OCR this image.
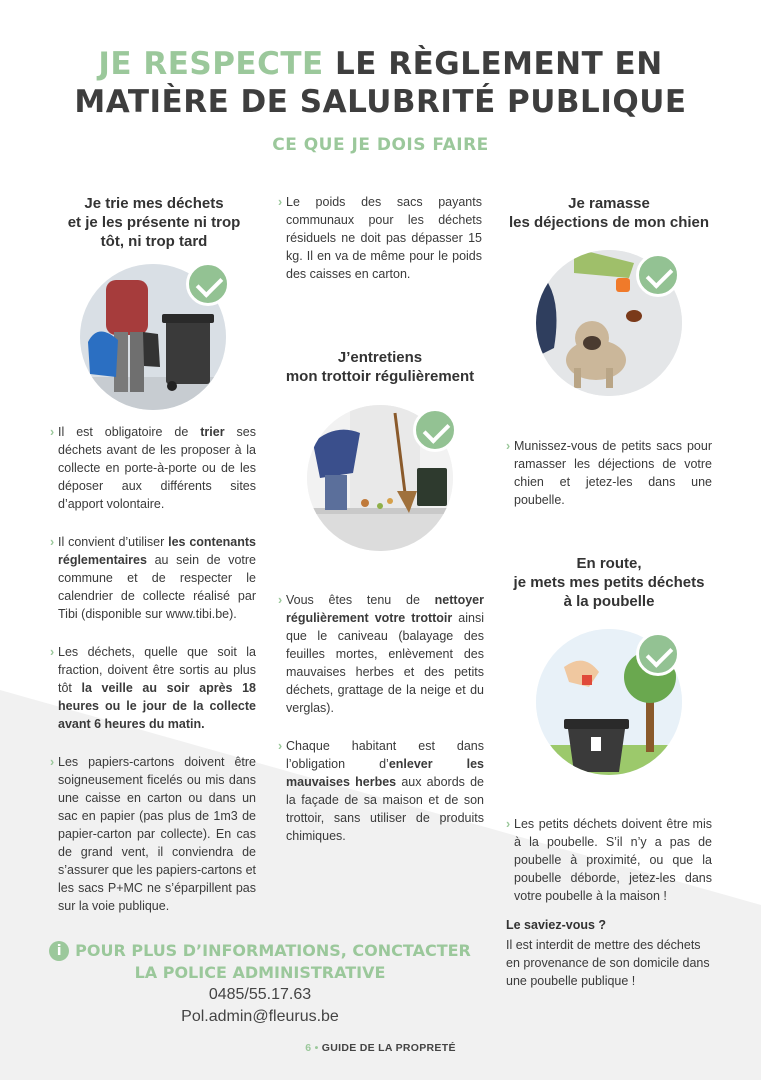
JE RESPECTE LE RÈGLEMENT EN
MATIÈRE DE SALUBRITÉ PUBLIQUE
CE QUE JE DOIS FAIRE
Je trie mes déchets
et je les présente ni trop
tôt, ni trop tard
› Il est obligatoire de trier ses déchets avant de les proposer à la collecte en porte-à-porte ou de les déposer aux différents sites d’apport volontaire.
› Il convient d’utiliser les contenants réglementaires au sein de votre commune et de respecter le calendrier de collecte réalisé par Tibi (disponible sur www.tibi.be).
› Les déchets, quelle que soit la fraction, doivent être sortis au plus tôt la veille au soir après 18 heures ou le jour de la collecte avant 6 heures du matin.
› Les papiers-cartons doivent être soigneusement ficelés ou mis dans une caisse en carton ou dans un sac en papier (pas plus de 1m3 de papier-carton par collecte). En cas de grand vent, il conviendra de s’assurer que les papiers-cartons et les sacs P+MC ne s’éparpillent pas sur la voie publique.
› Le poids des sacs payants communaux pour les déchets résiduels ne doit pas dépasser 15 kg. Il en va de même pour le poids des caisses en carton.
J’entretiens
mon trottoir régulièrement
› Vous êtes tenu de nettoyer régulièrement votre trottoir ainsi que le caniveau (balayage des feuilles mortes, enlèvement des mauvaises herbes et des petits déchets, grattage de la neige et du verglas).
› Chaque habitant est dans l’obligation d’enlever les mauvaises herbes aux abords de la façade de sa maison et de son trottoir, sans utiliser de produits chimiques.
Je ramasse
les déjections de mon chien
› Munissez-vous de petits sacs pour ramasser les déjections de votre chien et jetez-les dans une poubelle.
En route,
je mets mes petits déchets
à la poubelle
› Les petits déchets doivent être mis à la poubelle. S’il n’y a pas de poubelle à proximité, ou que la poubelle déborde, jetez-les dans votre poubelle à la maison !
Le saviez-vous ?
Il est interdit de mettre des déchets en provenance de son domicile dans une poubelle publique !
i POUR PLUS D’INFORMATIONS, CONCTACTER
LA POLICE ADMINISTRATIVE
0485/55.17.63
Pol.admin@fleurus.be
6 • GUIDE DE LA PROPRETÉ
